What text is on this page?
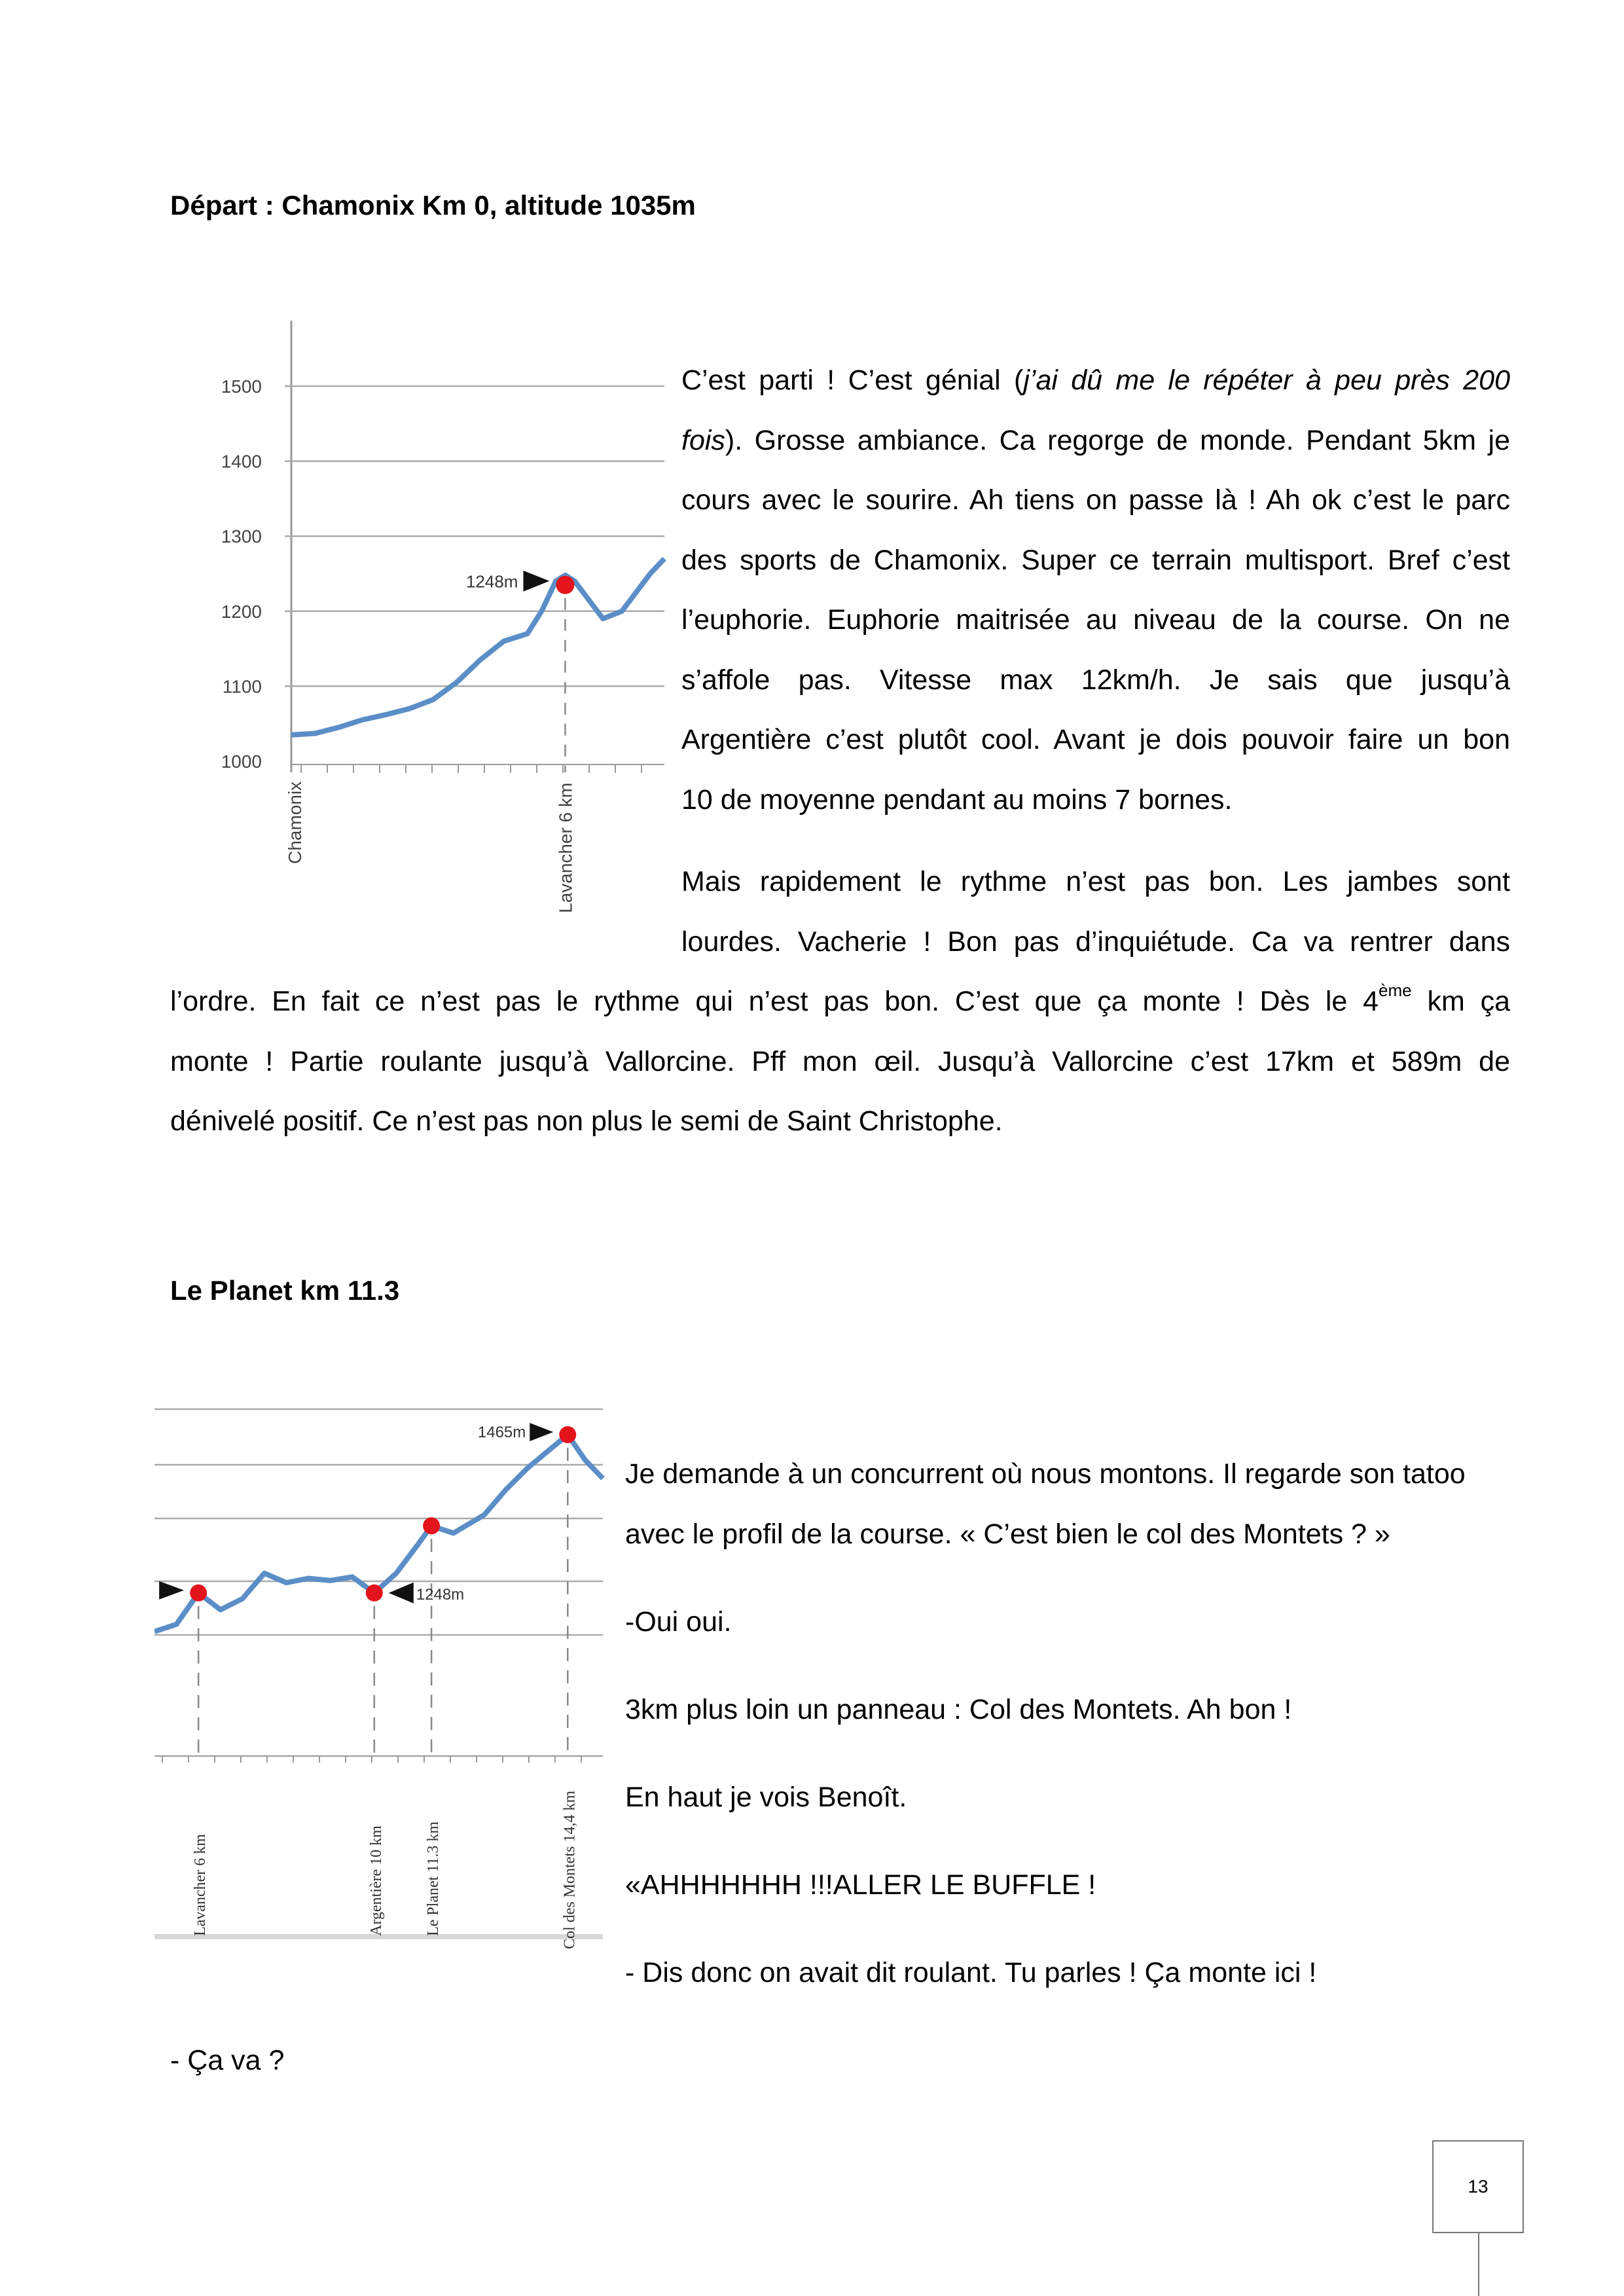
Départ : Chamonix Km 0, altitude 1035m
1500
1400
1300
1200
1100
1000
1248m
Chamonix	Lavancher 6 km
C’est parti ! C’est génial (j’ai dû me le répéter à peu près 200
fois). Grosse ambiance. Ca regorge de monde. Pendant 5km je
cours avec le sourire. Ah tiens on passe là ! Ah ok c’est le parc
des sports de Chamonix. Super ce terrain multisport. Bref c’est
l’euphorie. Euphorie maitrisée au niveau de la course. On ne
s’affole pas. Vitesse max 12km/h. Je sais que jusqu’à
Argentière c’est plutôt cool. Avant je dois pouvoir faire un bon
10 de moyenne pendant au moins 7 bornes.
Mais rapidement le rythme n’est pas bon. Les jambes sont
lourdes. Vacherie ! Bon pas d’inquiétude. Ca va rentrer dans
l’ordre. En fait ce n’est pas le rythme qui n’est pas bon. C’est que ça monte ! Dès le 4ème km ça
monte ! Partie roulante jusqu’à Vallorcine. Pff mon œil. Jusqu’à Vallorcine c’est 17km et 589m de
dénivelé positif. Ce n’est pas non plus le semi de Saint Christophe.
Le Planet km 11.3
Lavancher 6 km	Argentière 10 km	Le Planet 11.3 km	Col des Montets 14,4 km
1248m
1465m
Je demande à un concurrent où nous montons. Il regarde son tatoo
avec le profil de la course. « C’est bien le col des Montets ? »
-Oui oui.
3km plus loin un panneau : Col des Montets. Ah bon !
En haut je vois Benoît.
«AHHHHHHH !!!ALLER LE BUFFLE !
- Dis donc on avait dit roulant. Tu parles ! Ça monte ici !
- Ça va ?
13
